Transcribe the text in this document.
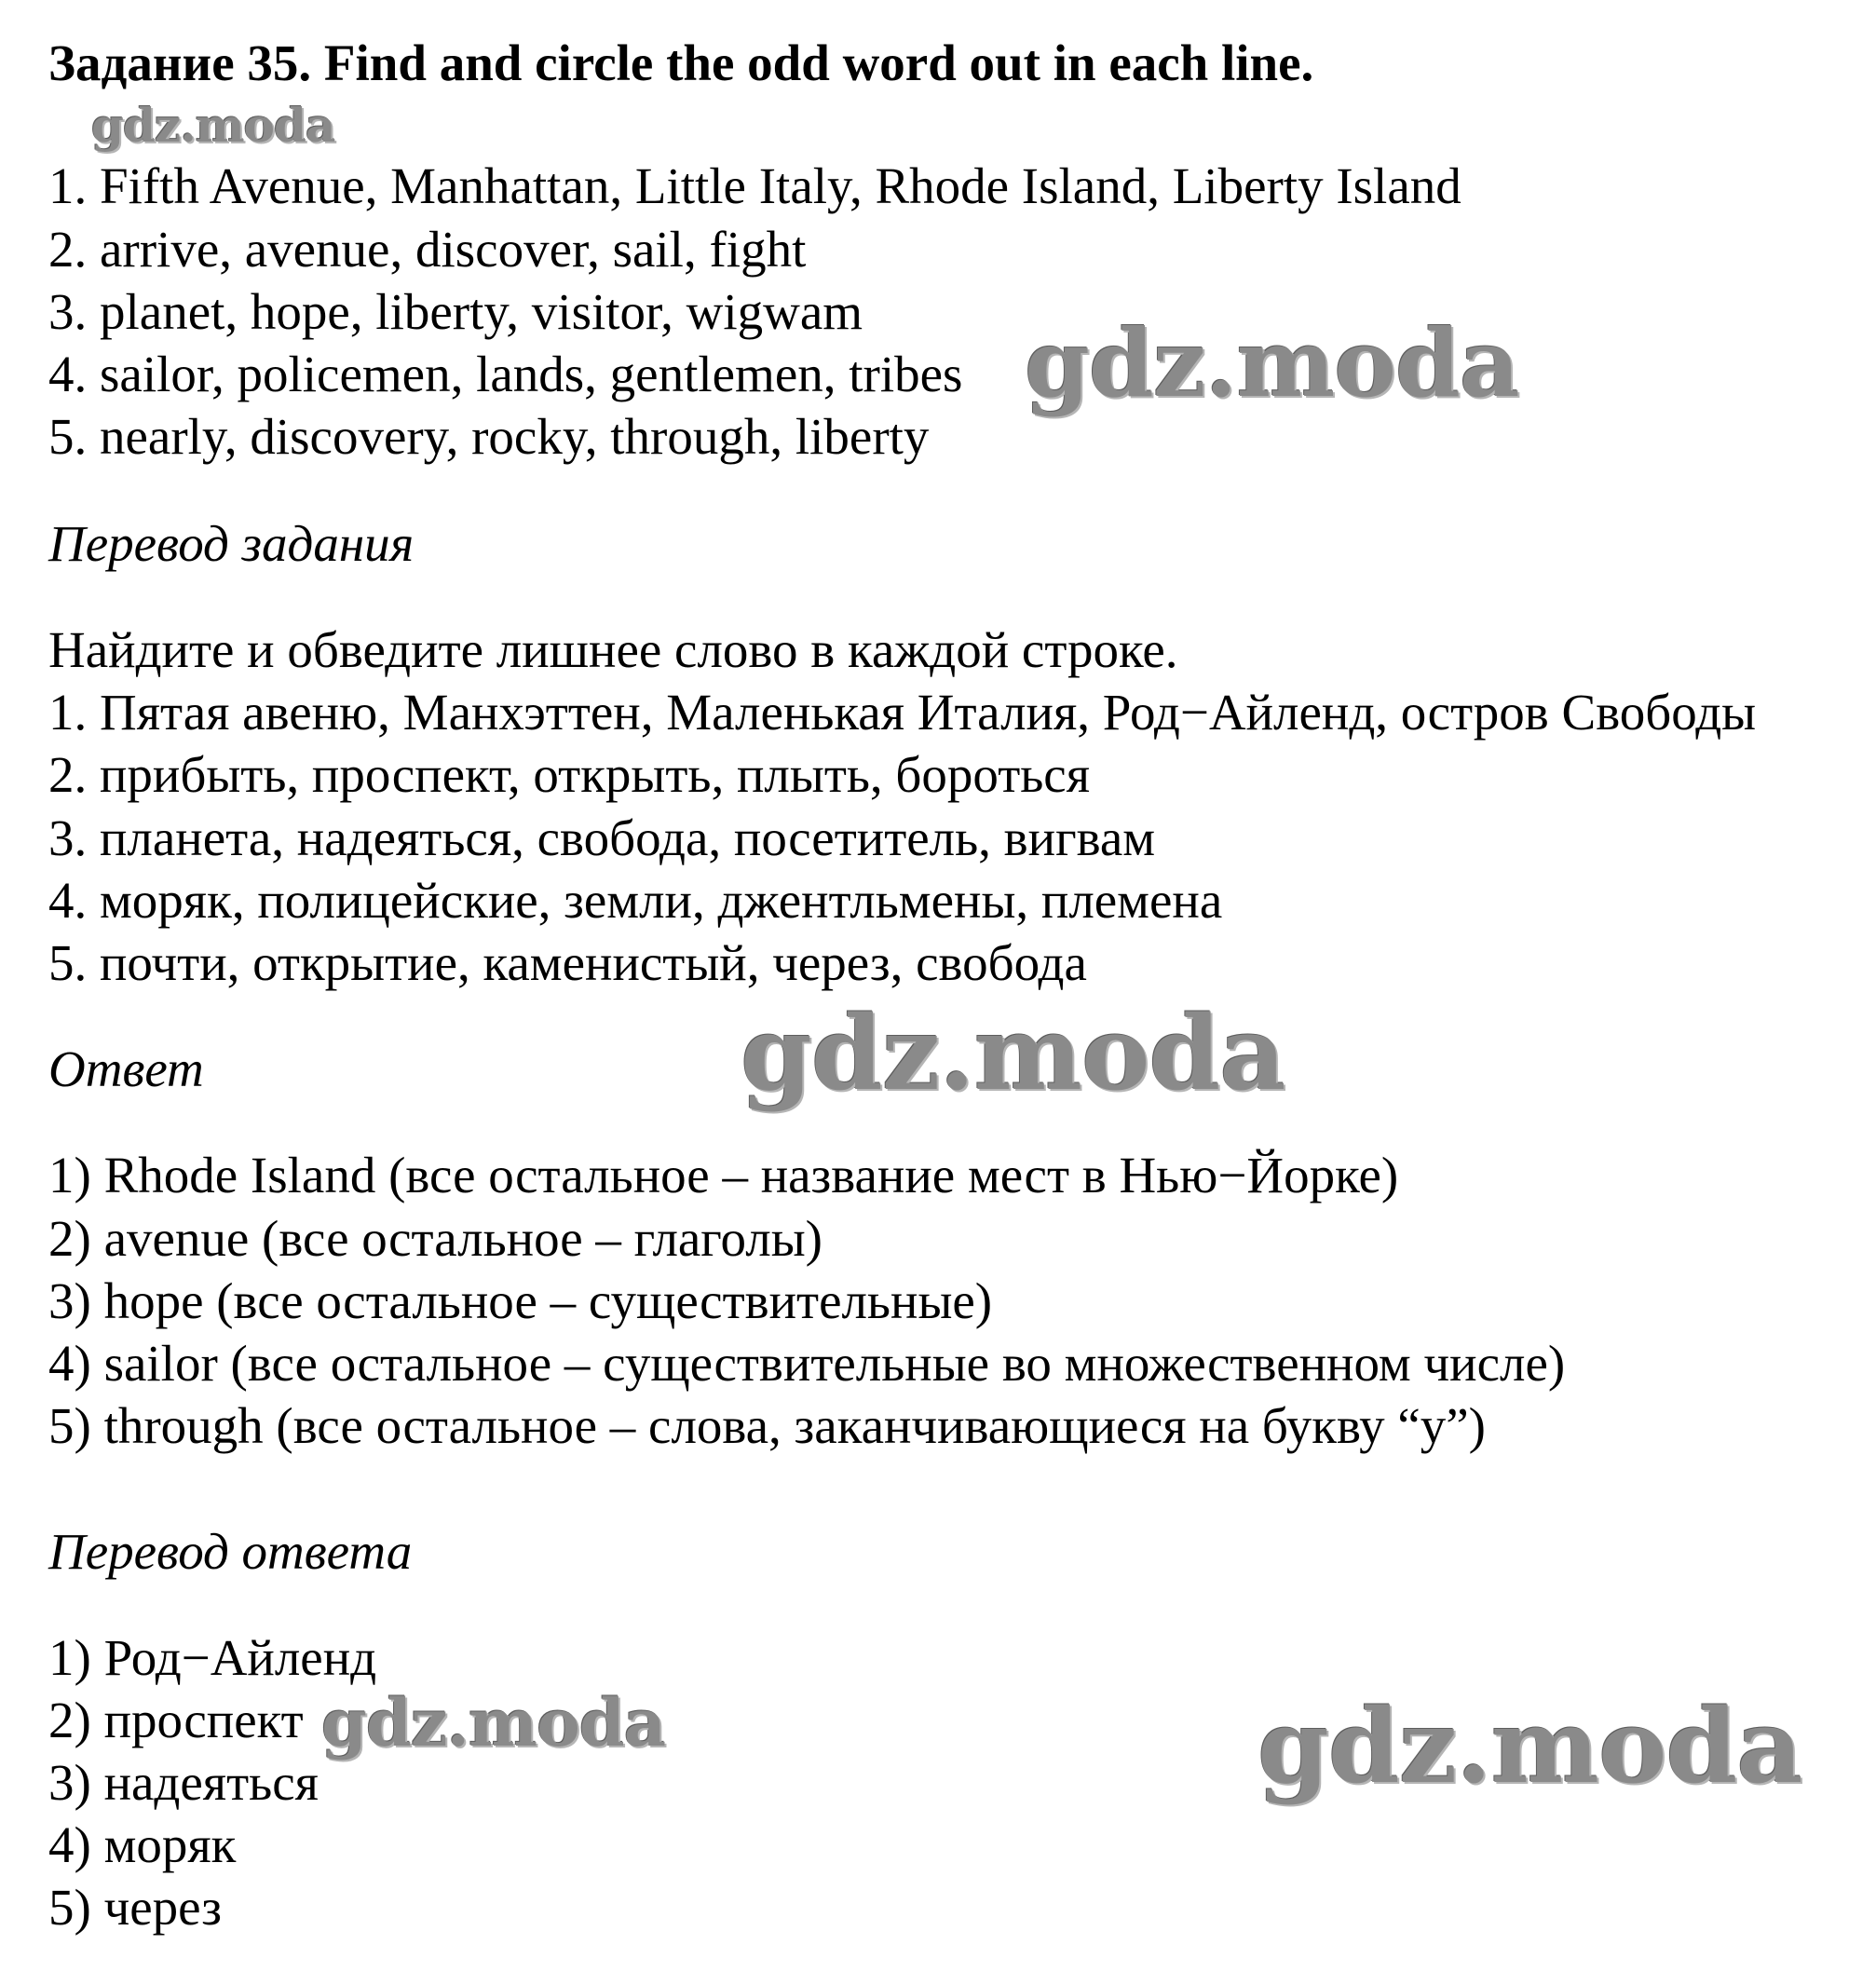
Задание 35. Find and circle the odd word out in each line.
1. Fifth Avenue, Manhattan, Little Italy, Rhode Island, Liberty Island
2. arrive, avenue, discover, sail, fight
3. planet, hope, liberty, visitor, wigwam
4. sailor, policemen, lands, gentlemen, tribes
5. nearly, discovery, rocky, through, liberty
Перевод задания
Найдите и обведите лишнее слово в каждой строке.
1. Пятая авеню, Манхэттен, Маленькая Италия, Род−Айленд, остров Свободы
2. прибыть, проспект, открыть, плыть, бороться
3. планета, надеяться, свобода, посетитель, вигвам
4. моряк, полицейские, земли, джентльмены, племена
5. почти, открытие, каменистый, через, свобода
Ответ
1) Rhode Island (все остальное – название мест в Нью−Йорке)
2) avenue (все остальное – глаголы)
3) hope (все остальное – существительные)
4) sailor (все остальное – существительные во множественном числе)
5) through (все остальное – слова, заканчивающиеся на букву “у”)
Перевод ответа
1) Род−Айленд
2) проспект
3) надеяться
4) моряк
5) через
gdz.moda
gdz.moda
gdz.moda
gdz.moda	gdz.moda
